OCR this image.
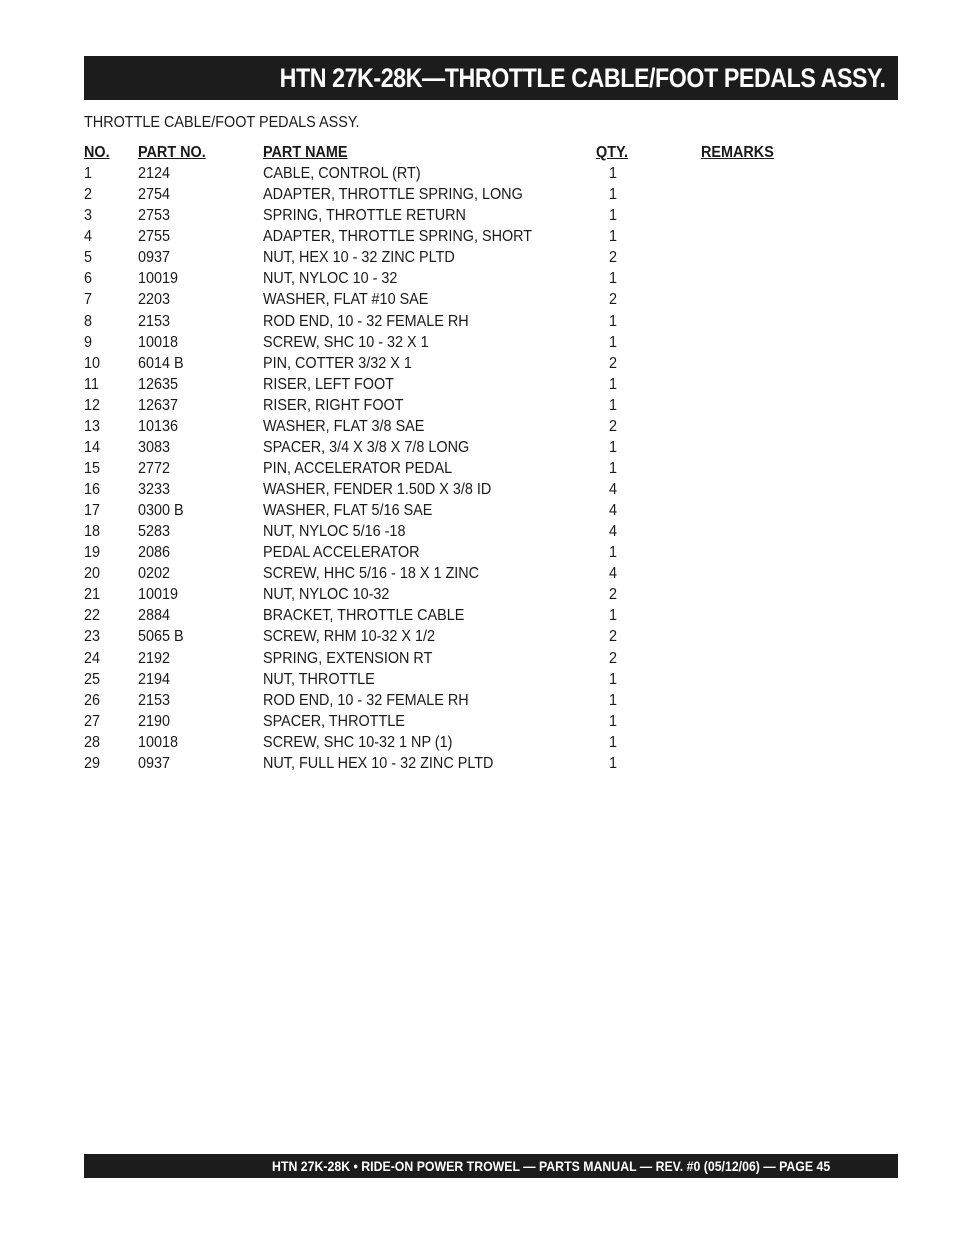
HTN 27K-28K—THROTTLE CABLE/FOOT PEDALS ASSY.
THROTTLE CABLE/FOOT PEDALS ASSY.
NO. PART NO.	PART NAME	QTY.	REMARKS
1	2124	CABLE, CONTROL (RT)	1
2	2754	ADAPTER, THROTTLE SPRING, LONG	1
3	2753	SPRING, THROTTLE RETURN	1
4	2755	ADAPTER, THROTTLE SPRING, SHORT	1
5	0937	NUT, HEX 10 - 32 ZINC PLTD	2
6	10019	NUT, NYLOC 10 - 32	1
7	2203	WASHER, FLAT #10 SAE	2
8	2153	ROD END, 10 - 32 FEMALE RH	1
9	10018	SCREW, SHC 10 - 32 X 1	1
10 6014 B	PIN, COTTER 3/32 X 1	2
11 12635	RISER, LEFT FOOT	1
12 12637	RISER, RIGHT FOOT	1
13 10136	WASHER, FLAT 3/8 SAE	2
14 3083	SPACER, 3/4 X 3/8 X 7/8 LONG	1
15 2772	PIN, ACCELERATOR PEDAL	1
16 3233	WASHER, FENDER 1.50D X 3/8 ID	4
17 0300 B	WASHER, FLAT 5/16 SAE	4
18 5283	NUT, NYLOC 5/16 -18	4
19 2086	PEDAL ACCELERATOR	1
20 0202	SCREW, HHC 5/16 - 18 X 1 ZINC	4
21 10019	NUT, NYLOC 10-32	2
22 2884	BRACKET, THROTTLE CABLE	1
23 5065 B	SCREW, RHM 10-32 X 1/2	2
24 2192	SPRING, EXTENSION RT	2
25 2194	NUT, THROTTLE	1
26 2153	ROD END, 10 - 32 FEMALE RH	1
27 2190	SPACER, THROTTLE	1
28 10018	SCREW, SHC 10-32 1 NP (1)	1
29 0937	NUT, FULL HEX 10 - 32 ZINC PLTD	1
HTN 27K-28K • RIDE-ON POWER TROWEL — PARTS MANUAL — REV. #0 (05/12/06) — PAGE 45
